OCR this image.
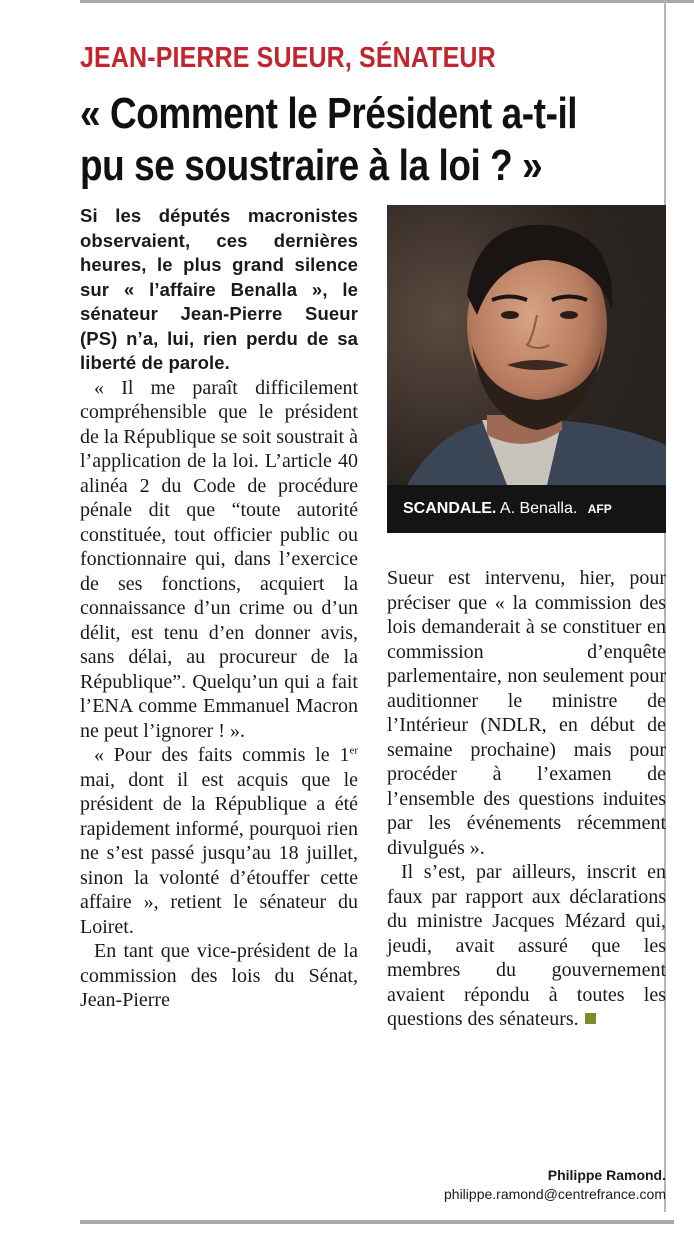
JEAN-PIERRE SUEUR, SÉNATEUR
« Comment le Président a-t-il
pu se soustraire à la loi ? »

Si les députés macronistes observaient, ces dernières heures, le plus grand silence sur « l’affaire Benalla », le sénateur Jean-Pierre Sueur (PS) n’a, lui, rien perdu de sa liberté de parole.

« Il me paraît difficilement compréhensible que le président de la République se soit soustrait à l’application de la loi. L’article 40 alinéa 2 du Code de procédure pénale dit que “toute autorité constituée, tout officier public ou fonctionnaire qui, dans l’exercice de ses fonctions, acquiert la connaissance d’un crime ou d’un délit, est tenu d’en donner avis, sans délai, au procureur de la République”. Quelqu’un qui a fait l’ENA comme Emmanuel Macron ne peut l’ignorer ! ».

« Pour des faits commis le 1er mai, dont il est acquis que le président de la République a été rapidement informé, pourquoi rien ne s’est passé jusqu’au 18 juillet, sinon la volonté d’étouffer cette affaire », retient le sénateur du Loiret.

En tant que vice-président de la commission des lois du Sénat, Jean-Pierre

SCANDALE. A. Benalla. AFP

Sueur est intervenu, hier, pour préciser que « la commission des lois demanderait à se constituer en commission d’enquête parlementaire, non seulement pour auditionner le ministre de l’Intérieur (NDLR, en début de semaine prochaine) mais pour procéder à l’examen de l’ensemble des questions induites par les événements récemment divulgués ».

Il s’est, par ailleurs, inscrit en faux par rapport aux déclarations du ministre Jacques Mézard qui, jeudi, avait assuré que les membres du gouvernement avaient répondu à toutes les questions des sénateurs.

Philippe Ramond.
philippe.ramond@centrefrance.com
